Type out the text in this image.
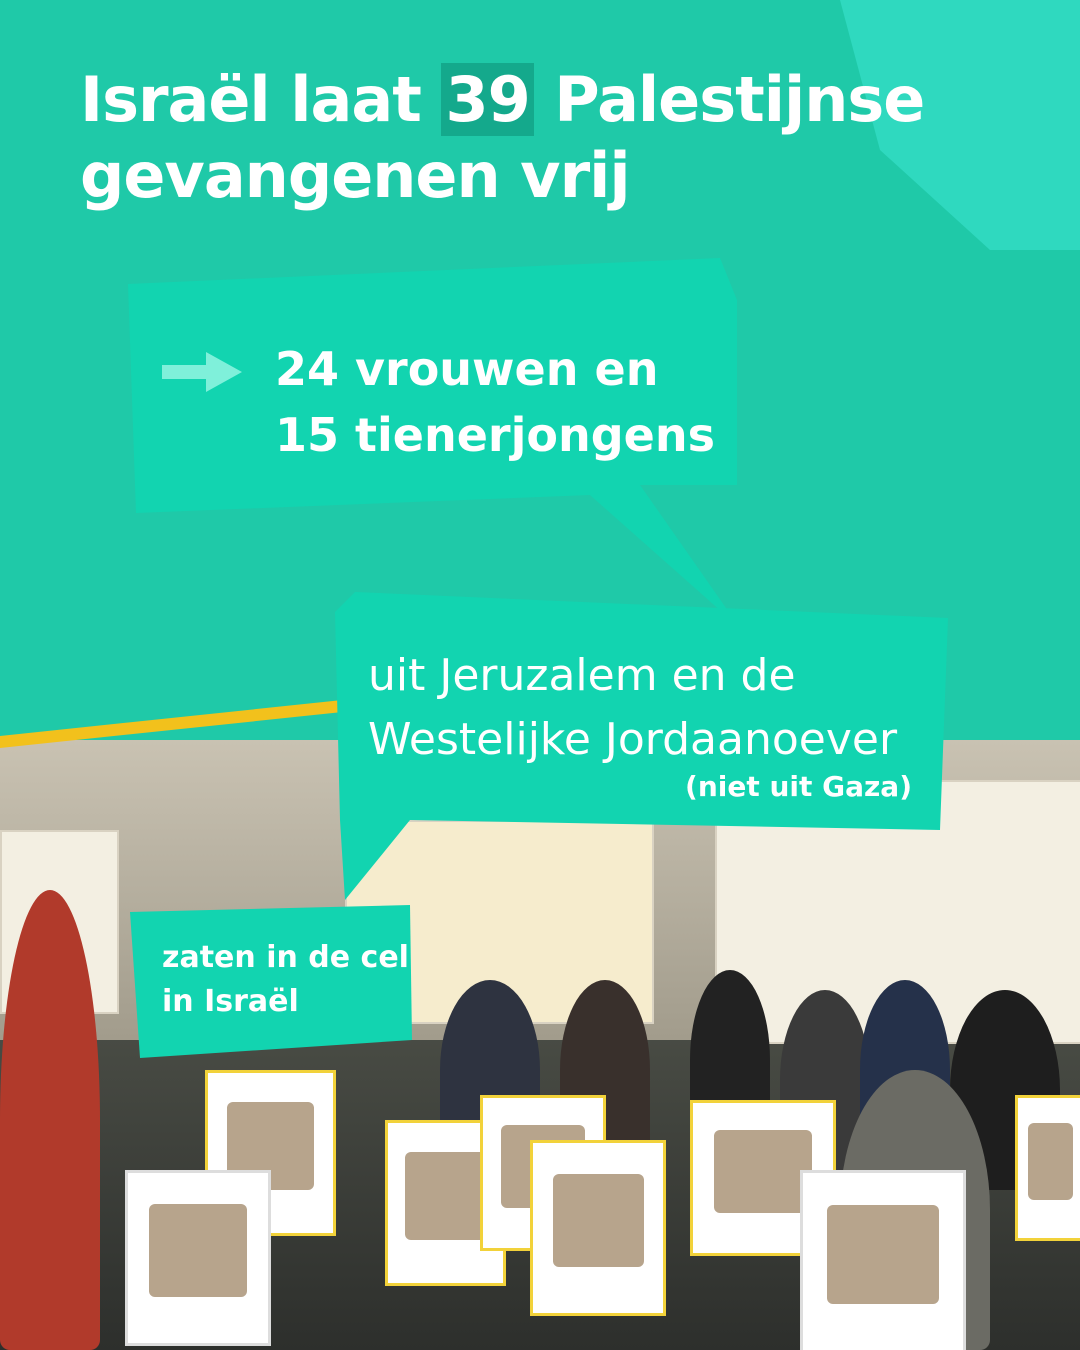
Israël laat 39 Palestijnse gevangenen vrij
24 vrouwen en
15 tienerjongens
uit Jeruzalem en de
Westelijke Jordaanoever
(niet uit Gaza)
zaten in de cel
in Israël
